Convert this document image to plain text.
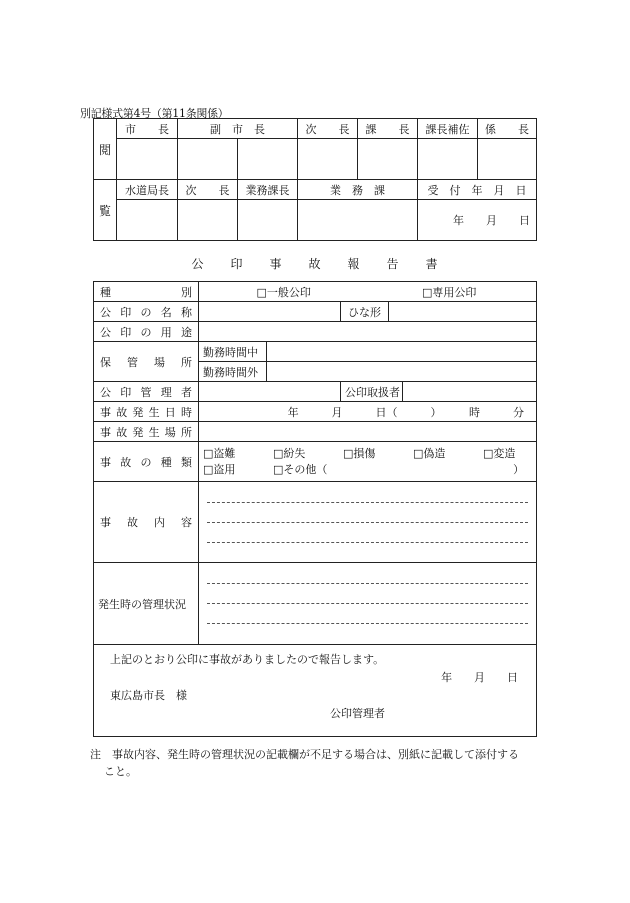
別記様式第4号（第11条関係）
閲	市　　長	副　市　長		次　　長	課　　長	課長補佐	係　　長

覧	水道局長	次　　長	業務課長	業　務　課		受　付　年　月　日	
						年　　月　　日	
公 印 事 故 報 告 書
種　　　　　別	□一般公印 □専用公印				
公 印 の 名 称			ひな形		
公 印 の 用 途					
保　管　場　所	勤務時間中				
	勤務時間外				
公 印 管 理 者			公印取扱者		
事故発生日時	年　　　月　　　日（　　　）　　　時　　　分				
事故発生場所					
事 故 の 種 類	□盗難 □紛失 □損傷 □偽造 □変造
□盗用 □その他（ ）				

事　故　内　容					

発生時の管理状況					

上記のとおり公印に事故がありましたので報告します。
年　　月　　日
東広島市長　様
公印管理者					
注　事故内容、発生時の管理状況の記載欄が不足する場合は、別紙に記載して添付する
こと。
